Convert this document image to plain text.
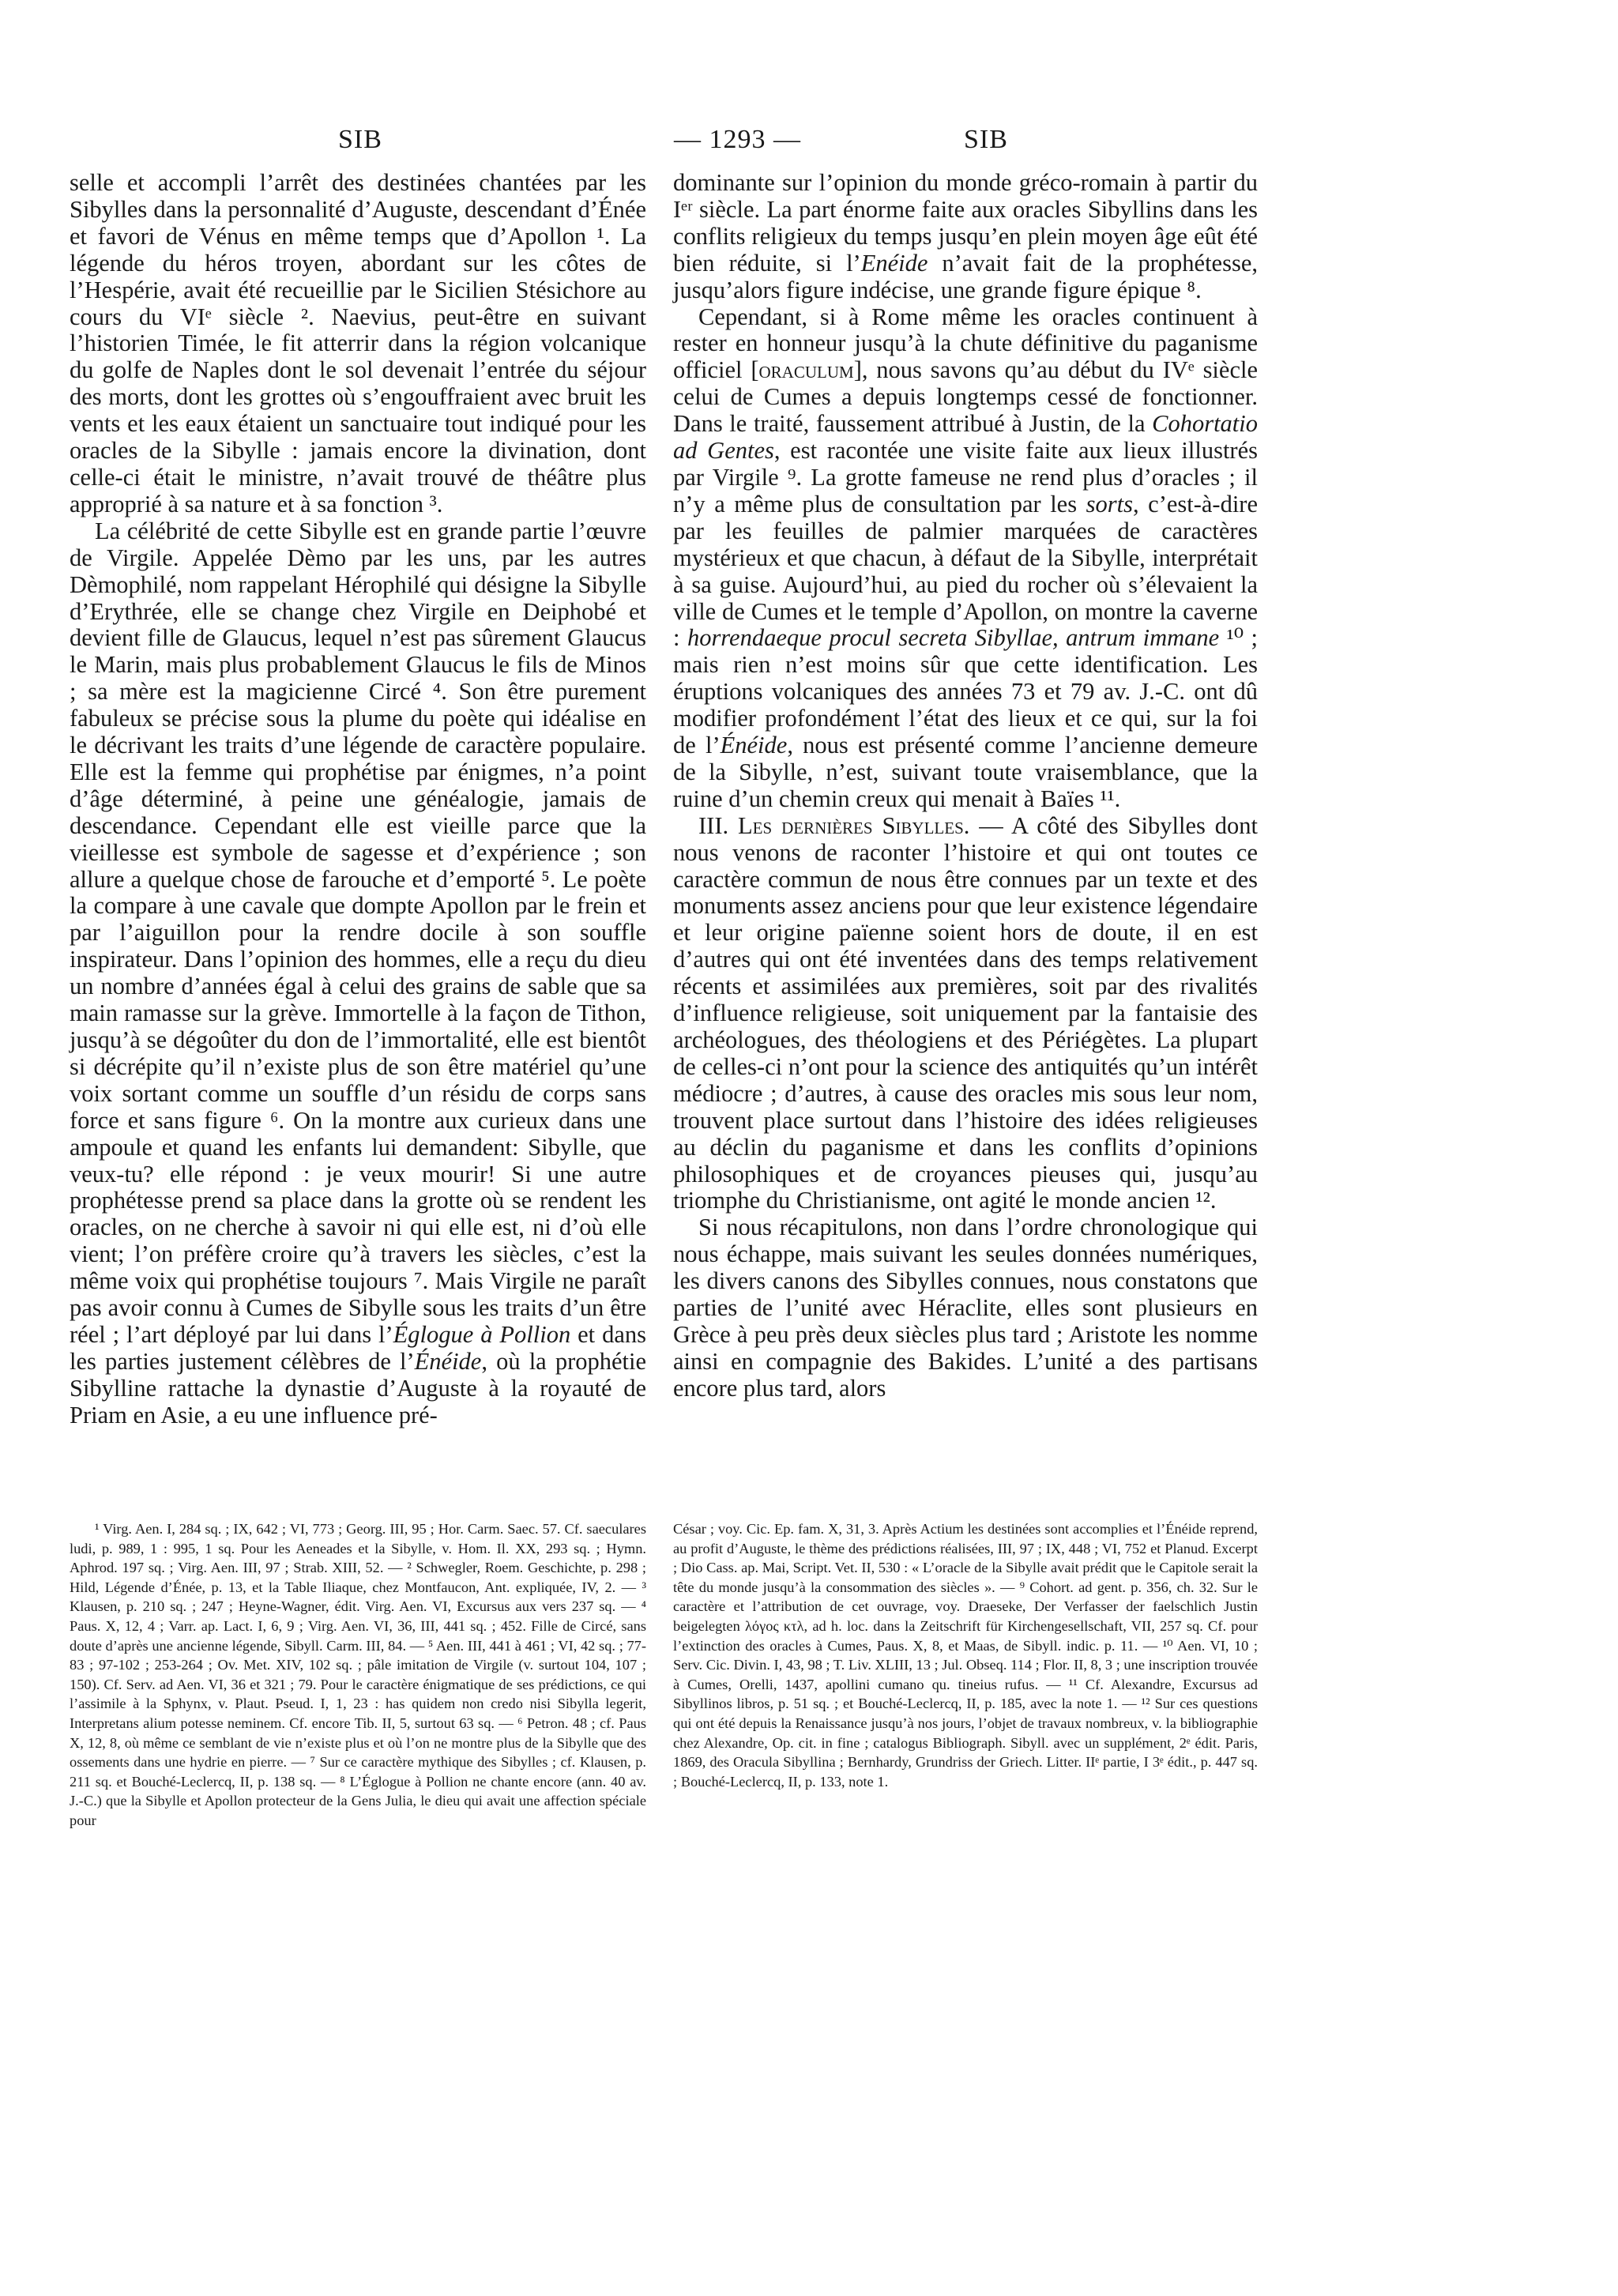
SIB	— 1293 —	SIB

selle et accompli l’arrêt des destinées chantées par les Sibylles dans la personnalité d’Auguste, descendant d’Énée et favori de Vénus en même temps que d’Apollon ¹. La légende du héros troyen, abordant sur les côtes de l’Hespérie, avait été recueillie par le Sicilien Stésichore au cours du VIᵉ siècle ². Naevius, peut-être en suivant l’historien Timée, le fit atterrir dans la région volcanique du golfe de Naples dont le sol devenait l’entrée du séjour des morts, dont les grottes où s’engouffraient avec bruit les vents et les eaux étaient un sanctuaire tout indiqué pour les oracles de la Sibylle : jamais encore la divination, dont celle-ci était le ministre, n’avait trouvé de théâtre plus approprié à sa nature et à sa fonction ³.

La célébrité de cette Sibylle est en grande partie l’œuvre de Virgile. Appelée Dèmo par les uns, par les autres Dèmophilé, nom rappelant Hérophilé qui désigne la Sibylle d’Erythrée, elle se change chez Virgile en Deiphobé et devient fille de Glaucus, lequel n’est pas sûrement Glaucus le Marin, mais plus probablement Glaucus le fils de Minos ; sa mère est la magicienne Circé ⁴. Son être purement fabuleux se précise sous la plume du poète qui idéalise en le décrivant les traits d’une légende de caractère populaire. Elle est la femme qui prophétise par énigmes, n’a point d’âge déterminé, à peine une généalogie, jamais de descendance. Cependant elle est vieille parce que la vieillesse est symbole de sagesse et d’expérience ; son allure a quelque chose de farouche et d’emporté ⁵. Le poète la compare à une cavale que dompte Apollon par le frein et par l’aiguillon pour la rendre docile à son souffle inspirateur. Dans l’opinion des hommes, elle a reçu du dieu un nombre d’années égal à celui des grains de sable que sa main ramasse sur la grève. Immortelle à la façon de Tithon, jusqu’à se dégoûter du don de l’immortalité, elle est bientôt si décrépite qu’il n’existe plus de son être matériel qu’une voix sortant comme un souffle d’un résidu de corps sans force et sans figure ⁶. On la montre aux curieux dans une ampoule et quand les enfants lui demandent: Sibylle, que veux-tu? elle répond : je veux mourir! Si une autre prophétesse prend sa place dans la grotte où se rendent les oracles, on ne cherche à savoir ni qui elle est, ni d’où elle vient; l’on préfère croire qu’à travers les siècles, c’est la même voix qui prophétise toujours ⁷. Mais Virgile ne paraît pas avoir connu à Cumes de Sibylle sous les traits d’un être réel ; l’art déployé par lui dans l’Églogue à Pollion et dans les parties justement célèbres de l’Énéide, où la prophétie Sibylline rattache la dynastie d’Auguste à la royauté de Priam en Asie, a eu une influence pré-

dominante sur l’opinion du monde gréco-romain à partir du Iᵉʳ siècle. La part énorme faite aux oracles Sibyllins dans les conflits religieux du temps jusqu’en plein moyen âge eût été bien réduite, si l’Enéide n’avait fait de la prophétesse, jusqu’alors figure indécise, une grande figure épique ⁸.

Cependant, si à Rome même les oracles continuent à rester en honneur jusqu’à la chute définitive du paganisme officiel [oraculum], nous savons qu’au début du IVᵉ siècle celui de Cumes a depuis longtemps cessé de fonctionner. Dans le traité, faussement attribué à Justin, de la Cohortatio ad Gentes, est racontée une visite faite aux lieux illustrés par Virgile ⁹. La grotte fameuse ne rend plus d’oracles ; il n’y a même plus de consultation par les sorts, c’est-à-dire par les feuilles de palmier marquées de caractères mystérieux et que chacun, à défaut de la Sibylle, interprétait à sa guise. Aujourd’hui, au pied du rocher où s’élevaient la ville de Cumes et le temple d’Apollon, on montre la caverne : horrendaeque procul secreta Sibyllae, antrum immane ¹⁰ ; mais rien n’est moins sûr que cette identification. Les éruptions volcaniques des années 73 et 79 av. J.-C. ont dû modifier profondément l’état des lieux et ce qui, sur la foi de l’Énéide, nous est présenté comme l’ancienne demeure de la Sibylle, n’est, suivant toute vraisemblance, que la ruine d’un chemin creux qui menait à Baïes ¹¹.

III. Les dernières Sibylles. — A côté des Sibylles dont nous venons de raconter l’histoire et qui ont toutes ce caractère commun de nous être connues par un texte et des monuments assez anciens pour que leur existence légendaire et leur origine païenne soient hors de doute, il en est d’autres qui ont été inventées dans des temps relativement récents et assimilées aux premières, soit par des rivalités d’influence religieuse, soit uniquement par la fantaisie des archéologues, des théologiens et des Périégètes. La plupart de celles-ci n’ont pour la science des antiquités qu’un intérêt médiocre ; d’autres, à cause des oracles mis sous leur nom, trouvent place surtout dans l’histoire des idées religieuses au déclin du paganisme et dans les conflits d’opinions philosophiques et de croyances pieuses qui, jusqu’au triomphe du Christianisme, ont agité le monde ancien ¹².

Si nous récapitulons, non dans l’ordre chronologique qui nous échappe, mais suivant les seules données numériques, les divers canons des Sibylles connues, nous constatons que parties de l’unité avec Héraclite, elles sont plusieurs en Grèce à peu près deux siècles plus tard ; Aristote les nomme ainsi en compagnie des Bakides. L’unité a des partisans encore plus tard, alors

¹ Virg. Aen. I, 284 sq. ; IX, 642 ; VI, 773 ; Georg. III, 95 ; Hor. Carm. Saec. 57. Cf. saeculares ludi, p. 989, 1 : 995, 1 sq. Pour les Aeneades et la Sibylle, v. Hom. Il. XX, 293 sq. ; Hymn. Aphrod. 197 sq. ; Virg. Aen. III, 97 ; Strab. XIII, 52. — ² Schwegler, Roem. Geschichte, p. 298 ; Hild, Légende d’Énée, p. 13, et la Table Iliaque, chez Montfaucon, Ant. expliquée, IV, 2. — ³ Klausen, p. 210 sq. ; 247 ; Heyne-Wagner, édit. Virg. Aen. VI, Excursus aux vers 237 sq. — ⁴ Paus. X, 12, 4 ; Varr. ap. Lact. I, 6, 9 ; Virg. Aen. VI, 36, III, 441 sq. ; 452. Fille de Circé, sans doute d’après une ancienne légende, Sibyll. Carm. III, 84. — ⁵ Aen. III, 441 à 461 ; VI, 42 sq. ; 77-83 ; 97-102 ; 253-264 ; Ov. Met. XIV, 102 sq. ; pâle imitation de Virgile (v. surtout 104, 107 ; 150). Cf. Serv. ad Aen. VI, 36 et 321 ; 79. Pour le caractère énigmatique de ses prédictions, ce qui l’assimile à la Sphynx, v. Plaut. Pseud. I, 1, 23 : has quidem non credo nisi Sibylla legerit, Interpretans alium potesse neminem. Cf. encore Tib. II, 5, surtout 63 sq. — ⁶ Petron. 48 ; cf. Paus X, 12, 8, où même ce semblant de vie n’existe plus et où l’on ne montre plus de la Sibylle que des ossements dans une hydrie en pierre. — ⁷ Sur ce caractère mythique des Sibylles ; cf. Klausen, p. 211 sq. et Bouché-Leclercq, II, p. 138 sq. — ⁸ L’Églogue à Pollion ne chante encore (ann. 40 av. J.-C.) que la Sibylle et Apollon protecteur de la Gens Julia, le dieu qui avait une affection spéciale pour

César ; voy. Cic. Ep. fam. X, 31, 3. Après Actium les destinées sont accomplies et l’Énéide reprend, au profit d’Auguste, le thème des prédictions réalisées, III, 97 ; IX, 448 ; VI, 752 et Planud. Excerpt ; Dio Cass. ap. Mai, Script. Vet. II, 530 : « L’oracle de la Sibylle avait prédit que le Capitole serait la tête du monde jusqu’à la consommation des siècles ». — ⁹ Cohort. ad gent. p. 356, ch. 32. Sur le caractère et l’attribution de cet ouvrage, voy. Draeseke, Der Verfasser der faelschlich Justin beigelegten λόγος κτλ, ad h. loc. dans la Zeitschrift für Kirchengesellschaft, VII, 257 sq. Cf. pour l’extinction des oracles à Cumes, Paus. X, 8, et Maas, de Sibyll. indic. p. 11. — ¹⁰ Aen. VI, 10 ; Serv. Cic. Divin. I, 43, 98 ; T. Liv. XLIII, 13 ; Jul. Obseq. 114 ; Flor. II, 8, 3 ; une inscription trouvée à Cumes, Orelli, 1437, apollini cumano qu. tineius rufus. — ¹¹ Cf. Alexandre, Excursus ad Sibyllinos libros, p. 51 sq. ; et Bouché-Leclercq, II, p. 185, avec la note 1. — ¹² Sur ces questions qui ont été depuis la Renaissance jusqu’à nos jours, l’objet de travaux nombreux, v. la bibliographie chez Alexandre, Op. cit. in fine ; catalogus Bibliograph. Sibyll. avec un supplément, 2ᵉ édit. Paris, 1869, des Oracula Sibyllina ; Bernhardy, Grundriss der Griech. Litter. IIᵉ partie, I 3ᵉ édit., p. 447 sq. ; Bouché-Leclercq, II, p. 133, note 1.
